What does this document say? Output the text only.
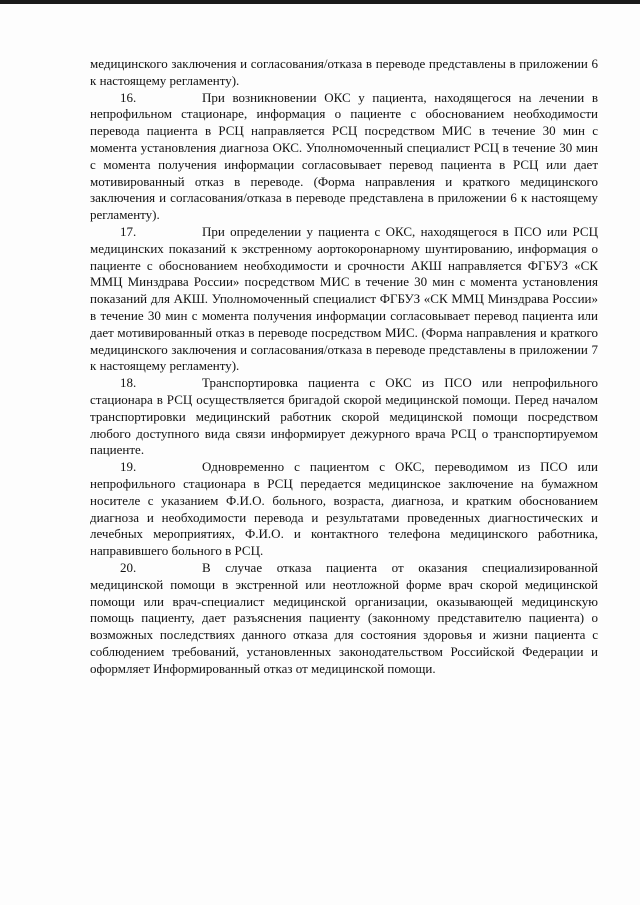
медицинского заключения и согласования/отказа в переводе представлены в приложении 6 к настоящему регламенту).

16.	При возникновении ОКС у пациента, находящегося на лечении в непрофильном стационаре, информация о пациенте с обоснованием необходимости перевода пациента в РСЦ направляется РСЦ посредством МИС в течение 30 мин с момента установления диагноза ОКС. Уполномоченный специалист РСЦ в течение 30 мин с момента получения информации согласовывает перевод пациента в РСЦ или дает мотивированный отказ в переводе. (Форма направления и краткого медицинского заключения и согласования/отказа в переводе представлена в приложении 6 к настоящему регламенту).

17.	При определении у пациента с ОКС, находящегося в ПСО или РСЦ медицинских показаний к экстренному аортокоронарному шунтированию, информация о пациенте с обоснованием необходимости и срочности АКШ направляется ФГБУЗ «СК ММЦ Минздрава России» посредством МИС в течение 30 мин с момента установления показаний для АКШ. Уполномоченный специалист ФГБУЗ «СК ММЦ Минздрава России» в течение 30 мин с момента получения информации согласовывает перевод пациента или дает мотивированный отказ в переводе посредством МИС. (Форма направления и краткого медицинского заключения и согласования/отказа в переводе представлены в приложении 7 к настоящему регламенту).

18.	Транспортировка пациента с ОКС из ПСО или непрофильного стационара в РСЦ осуществляется бригадой скорой медицинской помощи. Перед началом транспортировки медицинский работник скорой медицинской помощи посредством любого доступного вида связи информирует дежурного врача РСЦ о транспортируемом пациенте.

19.	Одновременно с пациентом с ОКС, переводимом из ПСО или непрофильного стационара в РСЦ передается медицинское заключение на бумажном носителе с указанием Ф.И.О. больного, возраста, диагноза, и кратким обоснованием диагноза и необходимости перевода и результатами проведенных диагностических и лечебных мероприятиях, Ф.И.О. и контактного телефона медицинского работника, направившего больного в РСЦ.

20.	В случае отказа пациента от оказания специализированной медицинской помощи в экстренной или неотложной форме врач скорой медицинской помощи или врач-специалист медицинской организации, оказывающей медицинскую помощь пациенту, дает разъяснения пациенту (законному представителю пациента) о возможных последствиях данного отказа для состояния здоровья и жизни пациента с соблюдением требований, установленных законодательством Российской Федерации и оформляет Информированный отказ от медицинской помощи.
